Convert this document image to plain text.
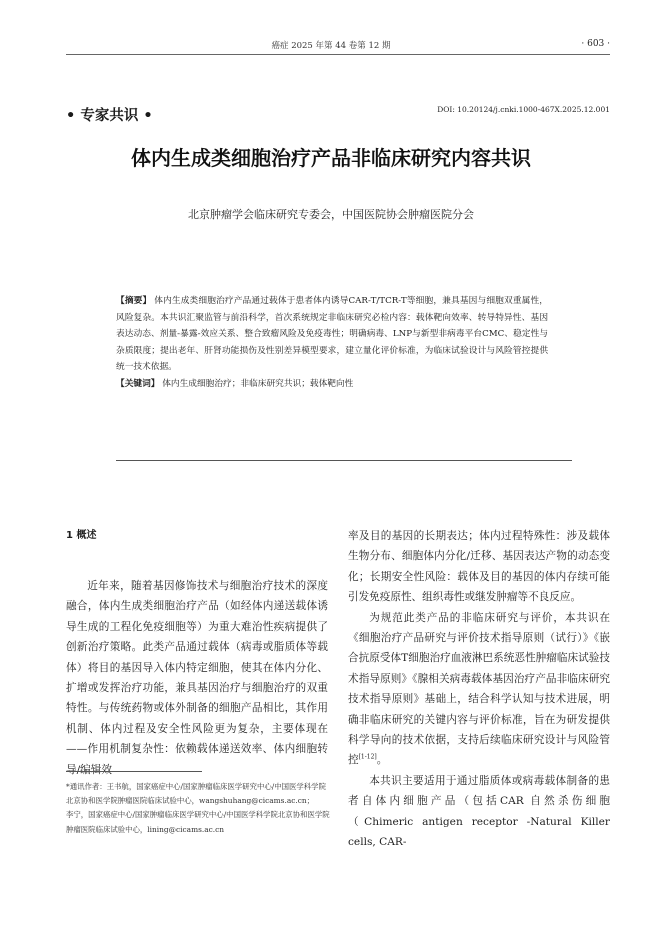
癌症 2025 年第 44 卷第 12 期	· 603 ·
• 专家共识 •	DOI: 10.20124/j.cnki.1000-467X.2025.12.001
体内生成类细胞治疗产品非临床研究内容共识
北京肿瘤学会临床研究专委会，中国医院协会肿瘤医院分会

【摘要】 体内生成类细胞治疗产品通过载体于患者体内诱导CAR-T/TCR-T等细胞，兼具基因与细胞双重属性，风险复杂。本共识汇聚监管与前沿科学，首次系统规定非临床研究必检内容：载体靶向效率、转导特异性、基因表达动态、剂量-暴露-效应关系、整合致瘤风险及免疫毒性；明确病毒、LNP与新型非病毒平台CMC、稳定性与杂质限度；提出老年、肝肾功能损伤及性别差异模型要求，建立量化评价标准，为临床试验设计与风险管控提供统一技术依据。

【关键词】 体内生成细胞治疗；非临床研究共识；载体靶向性

1 概述

近年来，随着基因修饰技术与细胞治疗技术的深度融合，体内生成类细胞治疗产品（如经体内递送载体诱导生成的工程化免疫细胞等）为重大难治性疾病提供了创新治疗策略。此类产品通过载体（病毒或脂质体等载体）将目的基因导入体内特定细胞，使其在体内分化、扩增或发挥治疗功能，兼具基因治疗与细胞治疗的双重特性。与传统药物或体外制备的细胞产品相比，其作用机制、体内过程及安全性风险更为复杂，主要体现在——作用机制复杂性：依赖载体递送效率、体内细胞转导/编辑效

率及目的基因的长期表达；体内过程特殊性：涉及载体生物分布、细胞体内分化/迁移、基因表达产物的动态变化；长期安全性风险：载体及目的基因的体内存续可能引发免疫原性、组织毒性或继发肿瘤等不良反应。

为规范此类产品的非临床研究与评价，本共识在《细胞治疗产品研究与评价技术指导原则（试行）》《嵌合抗原受体T细胞治疗血液淋巴系统恶性肿瘤临床试验技术指导原则》《腺相关病毒载体基因治疗产品非临床研究技术指导原则》基础上，结合科学认知与技术进展，明确非临床研究的关键内容与评价标准，旨在为研发提供科学导向的技术依据，支持后续临床研究设计与风险管控[1-12]。

本共识主要适用于通过脂质体或病毒载体制备的患者自体内细胞产品（包括CAR 自然杀伤细胞（Chimeric antigen receptor -Natural Killer cells, CAR-

*通讯作者：王书航，国家癌症中心/国家肿瘤临床医学研究中心/中国医学科学院北京协和医学院肿瘤医院临床试验中心，wangshuhang@cicams.ac.cn；

李宁，国家癌症中心/国家肿瘤临床医学研究中心/中国医学科学院北京协和医学院肿瘤医院临床试验中心，lining@cicams.ac.cn
